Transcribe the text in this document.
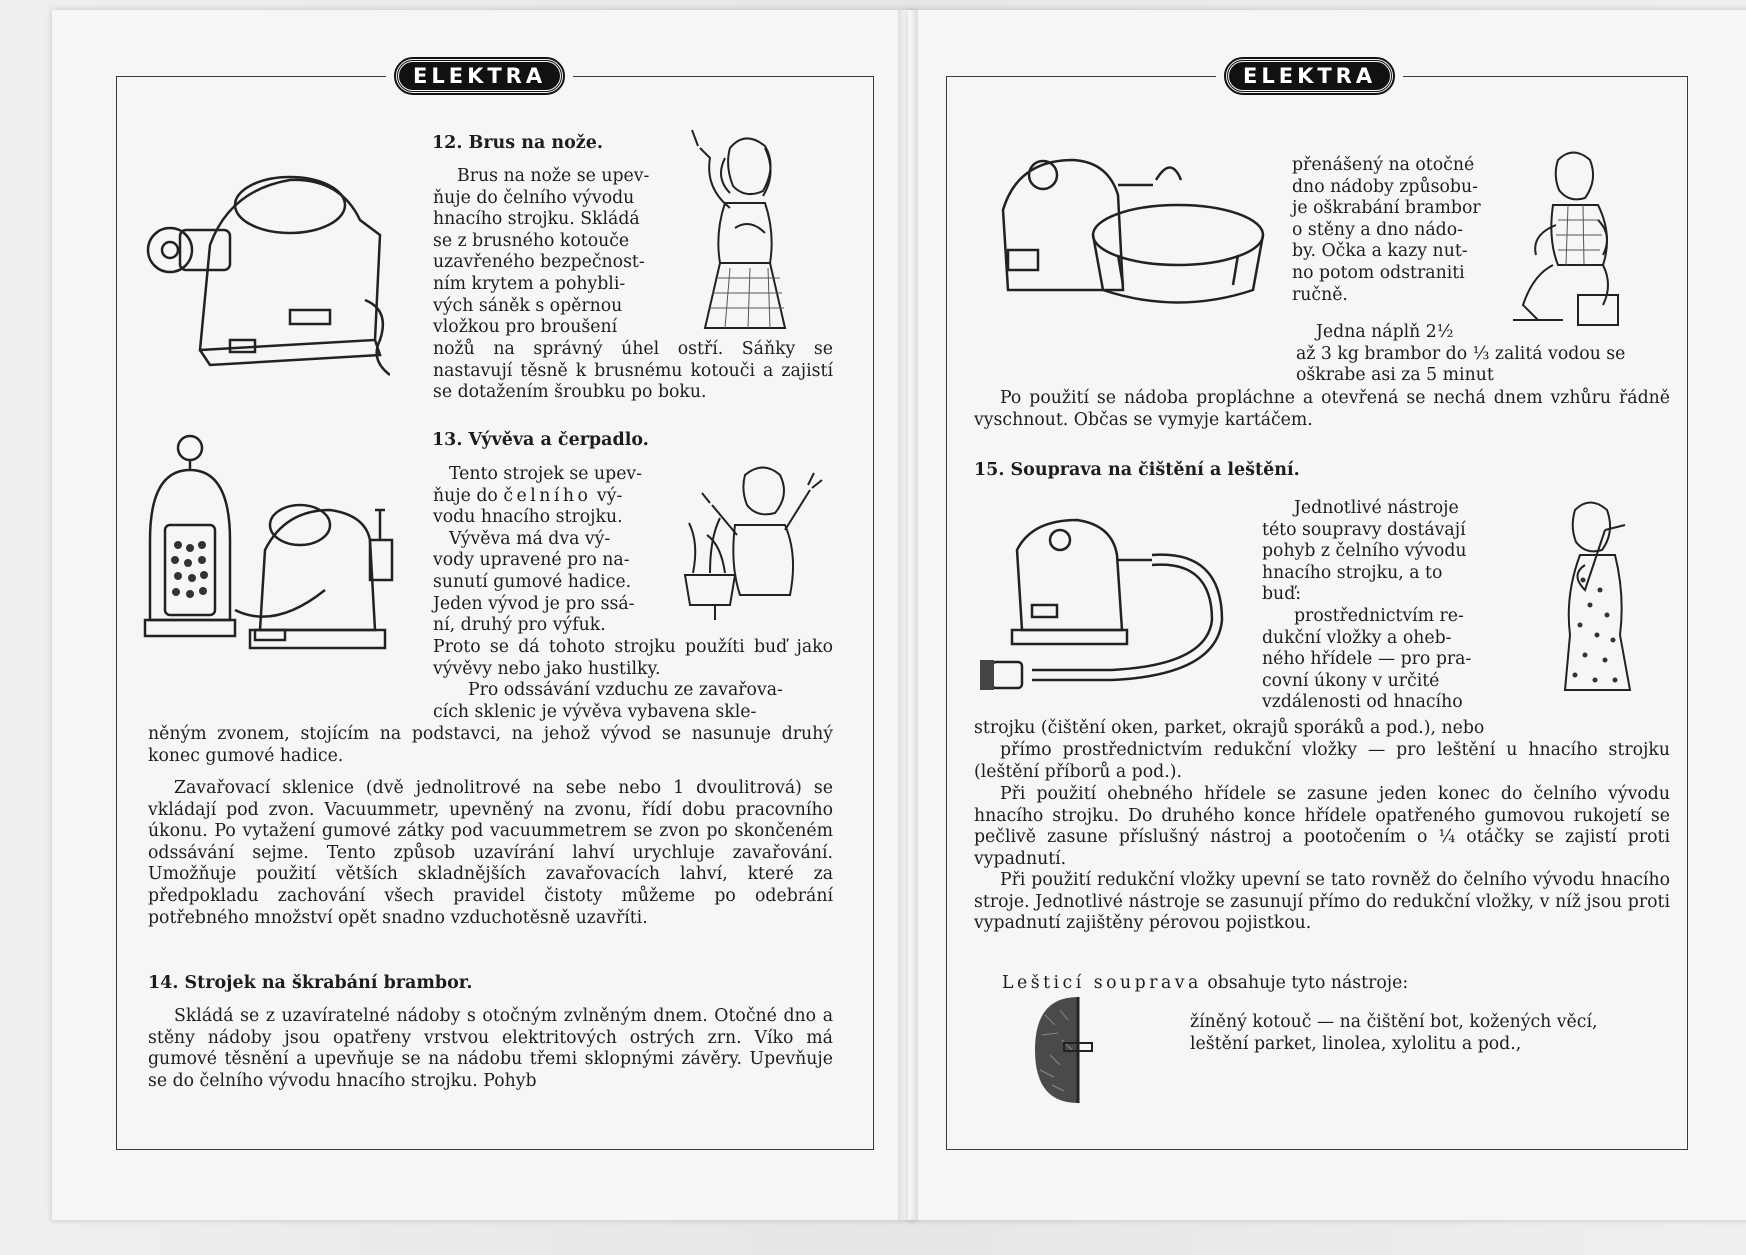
ELEKTRA	ELEKTRA
12. Brus na nože.

Brus na nože se upev-

ňuje do čelního vývodu

hnacího strojku. Skládá

se z brusného kotouče

uzavřeného bezpečnost-

ním krytem a pohybli-

vých sáněk s opěrnou

vložkou pro broušení

nožů na správný úhel ostří. Sáňky se nastavují těsně k brusnému kotouči a zajistí se dotažením šroubku po boku.
13. Vývěva a čerpadlo.

Tento strojek se upev-

ňuje do čelního vý-

vodu hnacího strojku.

Vývěva má dva vý-

vody upravené pro na-

sunutí gumové hadice.

Jeden vývod je pro ssá-

ní, druhý pro výfuk.

Proto se dá tohoto strojku použíti buď jako vývěvy nebo jako hustilky.
Pro odssávání vzduchu ze zavařova-
cích sklenic je vývěva vybavena skle-
něným zvonem, stojícím na podstavci, na jehož vývod se nasunuje druhý konec gumové hadice.
Zavařovací sklenice (dvě jednolitrové na sebe nebo 1 dvoulitrová) se vkládají pod zvon. Vacuummetr, upevněný na zvonu, řídí dobu pracovního úkonu. Po vytažení gumové zátky pod vacuummetrem se zvon po skončeném odssávání sejme. Tento způsob uzavírání lahví urychluje zavařování. Umožňuje použití větších skladnějších zavařovacích lahví, které za předpokladu zachování všech pravidel čistoty můžeme po odebrání potřebného množství opět snadno vzduchotěsně uzavříti.
14. Strojek na škrabání brambor.
Skládá se z uzavíratelné nádoby s otočným zvlněným dnem. Otočné dno a stěny nádoby jsou opatřeny vrstvou elektritových ostrých zrn. Víko má gumové těsnění a upevňuje se na nádobu třemi sklopnými závěry. Upevňuje se do čelního vývodu hnacího strojku. Pohyb

přenášený na otočné

dno nádoby způsobu-

je oškrabání brambor

o stěny a dno nádo-

by. Očka a kazy nut-

no potom odstraniti

ručně.

Jedna náplň 2½

až 3 kg brambor do ⅓ zalitá vodou se

oškrabe asi za 5 minut

Po použití se nádoba propláchne a otevřená se nechá dnem vzhůru řádně vyschnout. Občas se vymyje kartáčem.
15. Souprava na čištění a leštění.

Jednotlivé nástroje

této soupravy dostávají

pohyb z čelního vývodu

hnacího strojku, a to

buď:

prostřednictvím re-

dukční vložky a oheb-

ného hřídele — pro pra-

covní úkony v určité

vzdálenosti od hnacího

strojku (čištění oken, parket, okrajů sporáků a pod.), nebo
přímo prostřednictvím redukční vložky — pro leštění u hnacího strojku (leštění příborů a pod.).
Při použití ohebného hřídele se zasune jeden konec do čelního vývodu hnacího strojku. Do druhého konce hřídele opatřeného gumovou rukojetí se pečlivě zasune příslušný nástroj a pootočením o ¼ otáčky se zajistí proti vypadnutí.
Při použití redukční vložky upevní se tato rovněž do čelního vývodu hnacího stroje. Jednotlivé nástroje se zasunují přímo do redukční vložky, v níž jsou proti vypadnutí zajištěny pérovou pojistkou.
Lešticí souprava obsahuje tyto nástroje:

žíněný kotouč — na čištění bot, kožených věcí,

leštění parket, linolea, xylolitu a pod.,
